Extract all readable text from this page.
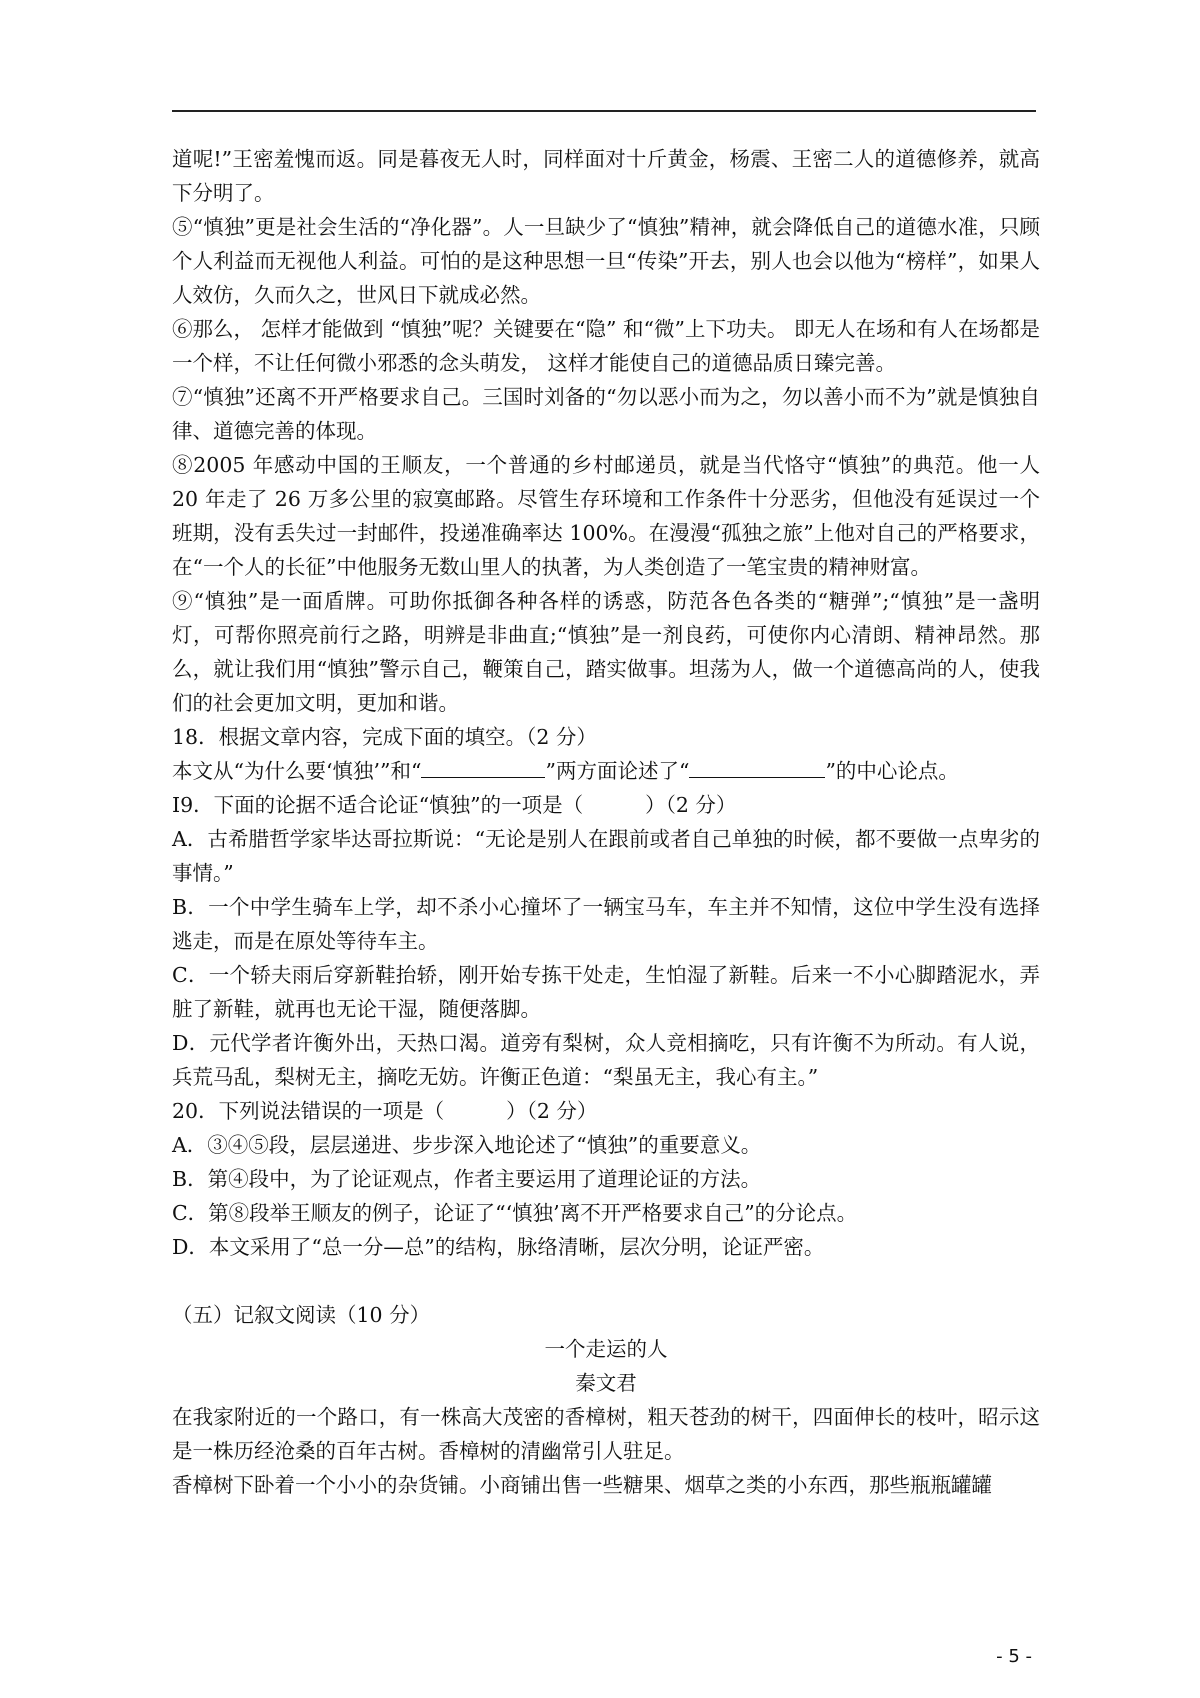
道呢!”王密羞愧而返。同是暮夜无人时，同样面对十斤黄金，杨震、王密二人的道德修养，就高下分明了。

⑤“慎独”更是社会生活的“净化器”。人一旦缺少了“慎独”精神，就会降低自己的道德水准，只顾个人利益而无视他人利益。可怕的是这种思想一旦“传染”开去，别人也会以他为“榜样”，如果人人效仿，久而久之，世风日下就成必然。

⑥那么， 怎样才能做到 “慎独”呢？关键要在“隐” 和“微”上下功夫。 即无人在场和有人在场都是一个样，不让任何微小邪悉的念头萌发， 这样才能使自己的道德品质日臻完善。

⑦“慎独”还离不开严格要求自己。三国时刘备的“勿以恶小而为之，勿以善小而不为”就是慎独自律、道德完善的体现。

⑧2005 年感动中国的王顺友，一个普通的乡村邮递员，就是当代恪守“慎独”的典范。他一人 20 年走了 26 万多公里的寂寞邮路。尽管生存环境和工作条件十分恶劣，但他没有延误过一个班期，没有丢失过一封邮件，投递准确率达 100%。在漫漫“孤独之旅”上他对自己的严格要求，在“一个人的长征”中他服务无数山里人的执著，为人类创造了一笔宝贵的精神财富。

⑨“慎独”是一面盾牌。可助你抵御各种各样的诱惑，防范各色各类的“糖弹”;“慎独”是一盏明灯，可帮你照亮前行之路，明辨是非曲直;“慎独”是一剂良药，可使你内心清朗、精神昂然。那么，就让我们用“慎独”警示自己，鞭策自己，踏实做事。坦荡为人，做一个道德高尚的人，使我们的社会更加文明，更加和谐。

18．根据文章内容，完成下面的填空。（2 分）

本文从“为什么要‘慎独’”和“	”两方面论述了“	”的中心论点。

I9．下面的论据不适合论证“慎独”的一项是（	）（2 分）

A．古希腊哲学家毕达哥拉斯说：“无论是别人在跟前或者自己单独的时候，都不要做一点卑劣的事情。”

B．一个中学生骑车上学，却不杀小心撞坏了一辆宝马车，车主并不知情，这位中学生没有选择逃走，而是在原处等待车主。

C．一个轿夫雨后穿新鞋抬轿，刚开始专拣干处走，生怕湿了新鞋。后来一不小心脚踏泥水，弄脏了新鞋，就再也无论干湿，随便落脚。

D．元代学者许衡外出，天热口渴。道旁有梨树，众人竞相摘吃，只有许衡不为所动。有人说，兵荒马乱，梨树无主，摘吃无妨。许衡正色道：“梨虽无主，我心有主。”

20．下列说法错误的一项是（	）（2 分）

A．③④⑤段，层层递进、步步深入地论述了“慎独”的重要意义。

B．第④段中，为了论证观点，作者主要运用了道理论证的方法。

C．第⑧段举王顺友的例子，论证了“‘慎独’离不开严格要求自己”的分论点。

D．本文采用了“总一分—总”的结构，脉络清晰，层次分明，论证严密。

（五）记叙文阅读（10 分）

一个走运的人

秦文君

在我家附近的一个路口，有一株高大茂密的香樟树，粗天苍劲的树干，四面伸长的枝叶，昭示这是一株历经沧桑的百年古树。香樟树的清幽常引人驻足。

香樟树下卧着一个小小的杂货铺。小商铺出售一些糖果、烟草之类的小东西，那些瓶瓶罐罐

- 5 -
